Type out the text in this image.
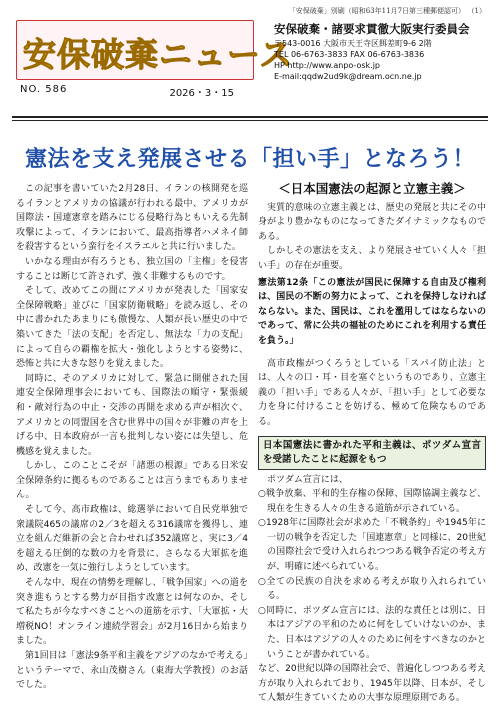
「安保破棄」別刷（昭和63年11月7日第三種郵便認可） （1）
安保破棄ニュース
NO. 586	2026・3・15
安保破棄・諸要求貫徹大阪実行委員会
〒543-0016 大阪市天王寺区餌差町9-6 2階
TEL 06-6763-3833 FAX 06-6763-3836
HP http://www.anpo-osk.jp
E-mail:qqdw2ud9k@dream.ocn.ne.jp
憲法を支え発展させる「担い手」となろう！

この記事を書いていた2月28日、イランの核開発を巡るイランとアメリカの協議が行われる最中、アメリカが国際法・国連憲章を踏みにじる侵略行為ともいえる先制攻撃によって、イランにおいて、最高指導者ハメネイ師を殺害するという蛮行をイスラエルと共に行いました。

いかなる理由が有ろうとも、独立国の「主権」を侵害することは断じて許されず、強く非難するものです。

そして、改めてこの間にアメリカが発表した「国家安全保障戦略」並びに「国家防衛戦略」を読み返し、その中に書かれたあまりにも傲慢な、人類が長い歴史の中で築いてきた「法の支配」を否定し、無法な「力の支配」によって自らの覇権を拡大・強化しようとする姿勢に、恐怖と共に大きな怒りを覚えました。

同時に、そのアメリカに対して、緊急に開催された国連安全保障理事会においても、国際法の順守・緊張緩和・敵対行為の中止・交渉の再開を求める声が相次ぐ、アメリカとの同盟国を含む世界中の国々が非難の声を上げる中、日本政府が一言も批判しない姿には失望し、危機感を覚えました。

しかし、このことこそが「諸悪の根源」である日米安全保障条約に拠るものであることは言うまでもありません。

そして今、高市政権は、総選挙において自民党単独で衆議院465の議席の2／3を超える316議席を獲得し、連立を組んだ維新の会と合わせれば352議席と、実に3／4を超える圧倒的な数の力を背景に、さらなる大軍拡を進め、改憲を一気に強行しようとしています。

そんな中、現在の情勢を理解し、「戦争国家」への道を突き進もうとする勢力が目指す改憲とは何なのか、そして私たちが今なすべきことへの道筋を示す、「大軍拡・大増税NO！オンライン連続学習会」が2月16日から始まりました。

第1回目は「憲法9条平和主義をアジアのなかで考える」というテーマで、永山茂樹さん（東海大学教授）のお話でした。

＜日本国憲法の起源と立憲主義＞

実質的意味の立憲主義とは、歴史の発展と共にその中身がより豊かなものになってきたダイナミックなものである。

しかしその憲法を支え、より発展させていく人々「担い手」の存在が重要。

憲法第12条「この憲法が国民に保障する自由及び権利は、国民の不断の努力によって、これを保持しなければならない。また、国民は、これを濫用してはならないのであって、常に公共の福祉のためにこれを利用する責任を負う。」

高市政権がつくろうとしている「スパイ防止法」とは、人々の口・耳・目を塞ぐというものであり、立憲主義の「担い手」である人々が、「担い手」として必要な力を身に付けることを妨げる、極めて危険なものである。

日本国憲法に書かれた平和主義は、ポツダム宣言を受諾したことに起源をもつ

ポツダム宣言には、

○戦争放棄、平和的生存権の保障、国際協調主義など、現在を生きる人々の生きる道筋が示されている。

○1928年に国際社会が求めた「不戦条約」や1945年に一切の戦争を否定した「国連憲章」と同様に、20世紀の国際社会で受け入れられつつある戦争否定の考え方が、明確に述べられている。

○全ての民族の自決を求める考えが取り入れられている。

○同時に、ポツダム宣言には、法的な責任とは別に、日本はアジアの平和のために何をしていけないのか、また、日本はアジアの人々のために何をすべきなのかということが書かれている。

など、20世紀以降の国際社会で、普遍化しつつある考え方が取り入れられており、1945年以降、日本が、そして人類が生きていくための大事な原理原則である。
